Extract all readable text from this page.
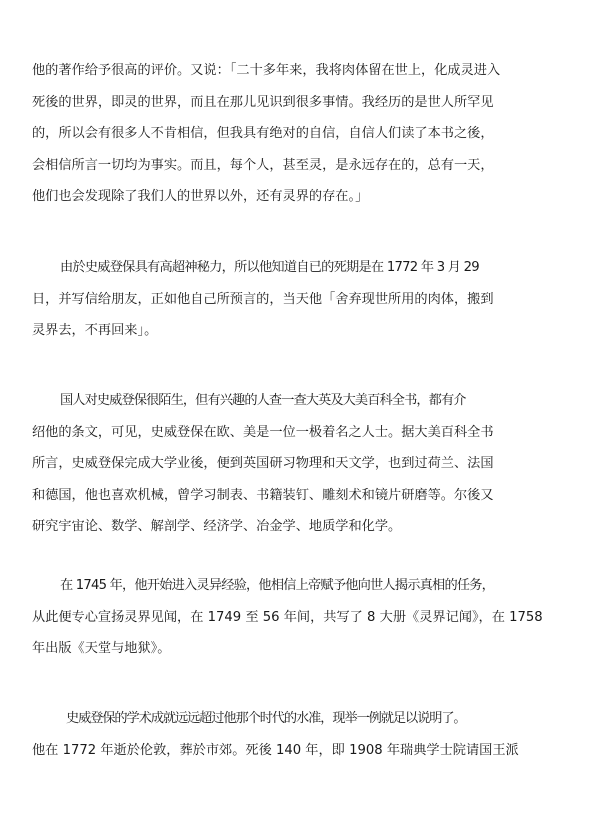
他的著作给予很高的评价。又说：「二十多年来，我将肉体留在世上，化成灵进入
死後的世界，即灵的世界，而且在那儿见识到很多事情。我经历的是世人所罕见
的，所以会有很多人不肯相信，但我具有绝对的自信，自信人们读了本书之後，
会相信所言一切均为事实。而且，每个人，甚至灵，是永远存在的，总有一天，
他们也会发现除了我们人的世界以外，还有灵界的存在。」

由於史威登保具有高超神秘力，所以他知道自已的死期是在 1772 年 3 月 29
日，并写信给朋友，正如他自己所预言的，当天他「舍弃现世所用的肉体，搬到
灵界去，不再回来」。

国人对史威登保很陌生，但有兴趣的人查一查大英及大美百科全书，都有介
绍他的条文，可见，史威登保在欧、美是一位一极着名之人士。据大美百科全书
所言，史威登保完成大学业後，便到英国研习物理和天文学，也到过荷兰、法国
和德国，他也喜欢机械，曾学习制表、书籍装钉、雕刻术和镜片研磨等。尔後又
研究宇宙论、数学、解剖学、经济学、冶金学、地质学和化学。

在 1745 年，他开始进入灵异经验，他相信上帝赋予他向世人揭示真相的任务，
从此便专心宣扬灵界见闻，在 1749 至 56 年间，共写了 8 大册《灵界记闻》，在 1758
年出版《天堂与地狱》。

史威登保的学术成就远远超过他那个时代的水准，现举一例就足以说明了。
他在 1772 年逝於伦敦，葬於市郊。死後 140 年，即 1908 年瑞典学士院请国王派
